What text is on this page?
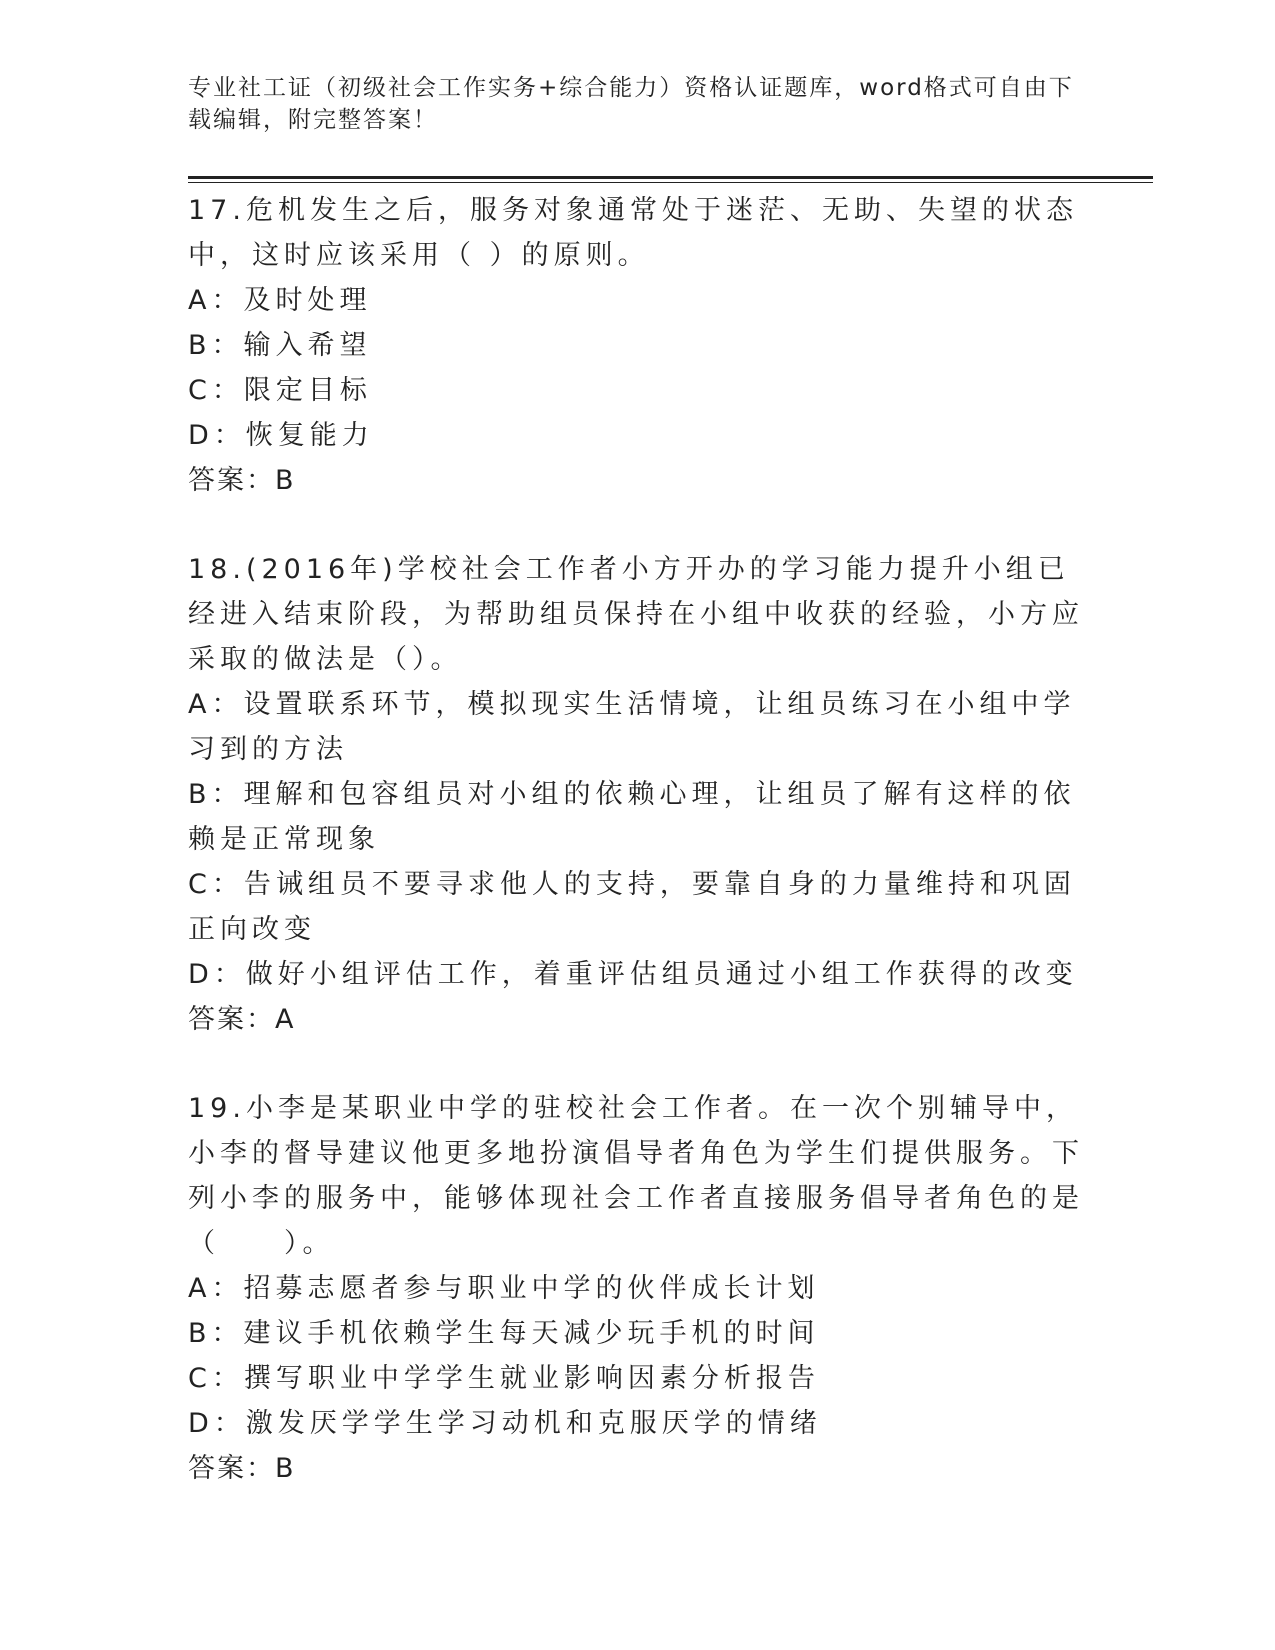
专业社工证（初级社会工作实务+综合能力）资格认证题库，word格式可自由下载编辑，附完整答案！

17.危机发生之后，服务对象通常处于迷茫、无助、失望的状态中，这时应该采用（ ）的原则。

A：及时处理

B：输入希望

C：限定目标

D：恢复能力

答案：B

18.(2016年)学校社会工作者小方开办的学习能力提升小组已经进入结束阶段，为帮助组员保持在小组中收获的经验，小方应采取的做法是（）。

A：设置联系环节，模拟现实生活情境，让组员练习在小组中学习到的方法

B：理解和包容组员对小组的依赖心理，让组员了解有这样的依赖是正常现象

C：告诫组员不要寻求他人的支持，要靠自身的力量维持和巩固正向改变

D：做好小组评估工作，着重评估组员通过小组工作获得的改变

答案：A

19.小李是某职业中学的驻校社会工作者。在一次个别辅导中，小李的督导建议他更多地扮演倡导者角色为学生们提供服务。下列小李的服务中，能够体现社会工作者直接服务倡导者角色的是（　　）。

A：招募志愿者参与职业中学的伙伴成长计划

B：建议手机依赖学生每天减少玩手机的时间

C：撰写职业中学学生就业影响因素分析报告

D：激发厌学学生学习动机和克服厌学的情绪

答案：B
